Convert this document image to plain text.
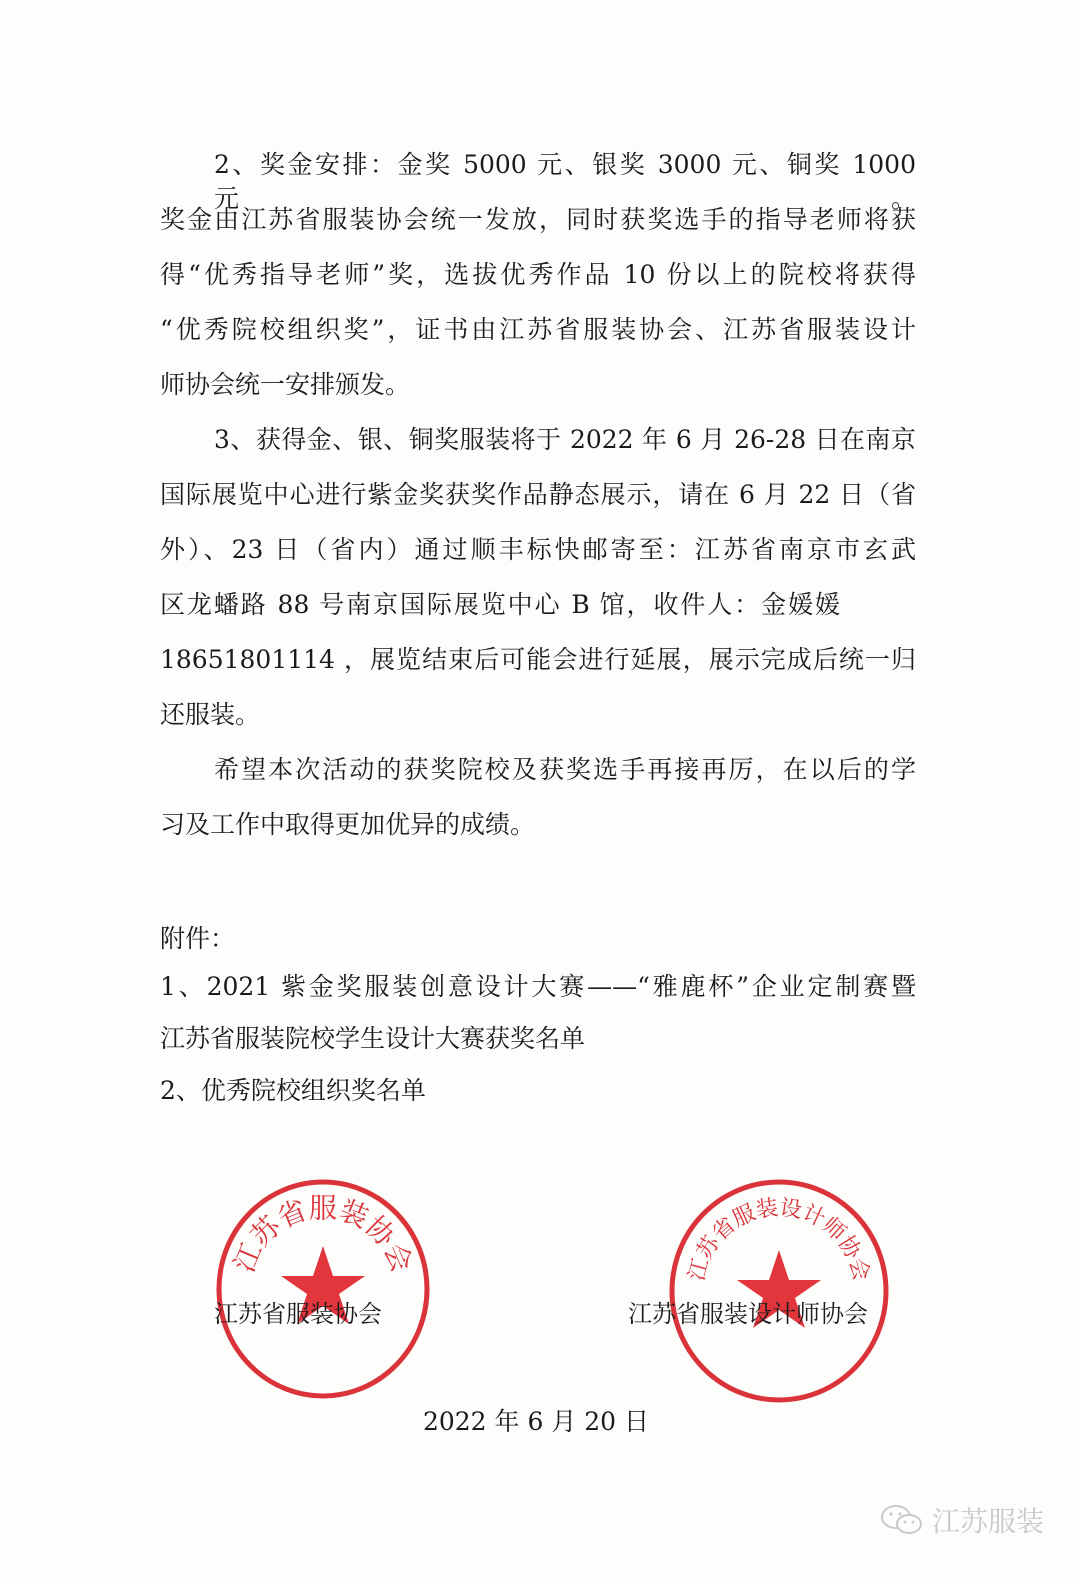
2、奖金安排：金奖 5000 元、银奖 3000 元、铜奖 1000 元。
奖金由江苏省服装协会统一发放，同时获奖选手的指导老师将获
得“优秀指导老师”奖，选拔优秀作品 10 份以上的院校将获得
“优秀院校组织奖”，证书由江苏省服装协会、江苏省服装设计
师协会统一安排颁发。
3、获得金、银、铜奖服装将于 2022 年 6 月 26-28 日在南京
国际展览中心进行紫金奖获奖作品静态展示，请在 6 月 22 日（省
外）、23 日（省内）通过顺丰标快邮寄至：江苏省南京市玄武
区龙蟠路 88 号南京国际展览中心 B 馆，收件人：金媛媛
18651801114 ，展览结束后可能会进行延展，展示完成后统一归
还服装。
希望本次活动的获奖院校及获奖选手再接再厉，在以后的学
习及工作中取得更加优异的成绩。
附件：
1、2021 紫金奖服装创意设计大赛——“雅鹿杯”企业定制赛暨
江苏省服装院校学生设计大赛获奖名单
2、优秀院校组织奖名单
江苏省服装协会	江苏省服装设计师协会
江苏省服装协会	江苏省服装设计师协会
2022 年 6 月 20 日
江苏服装
